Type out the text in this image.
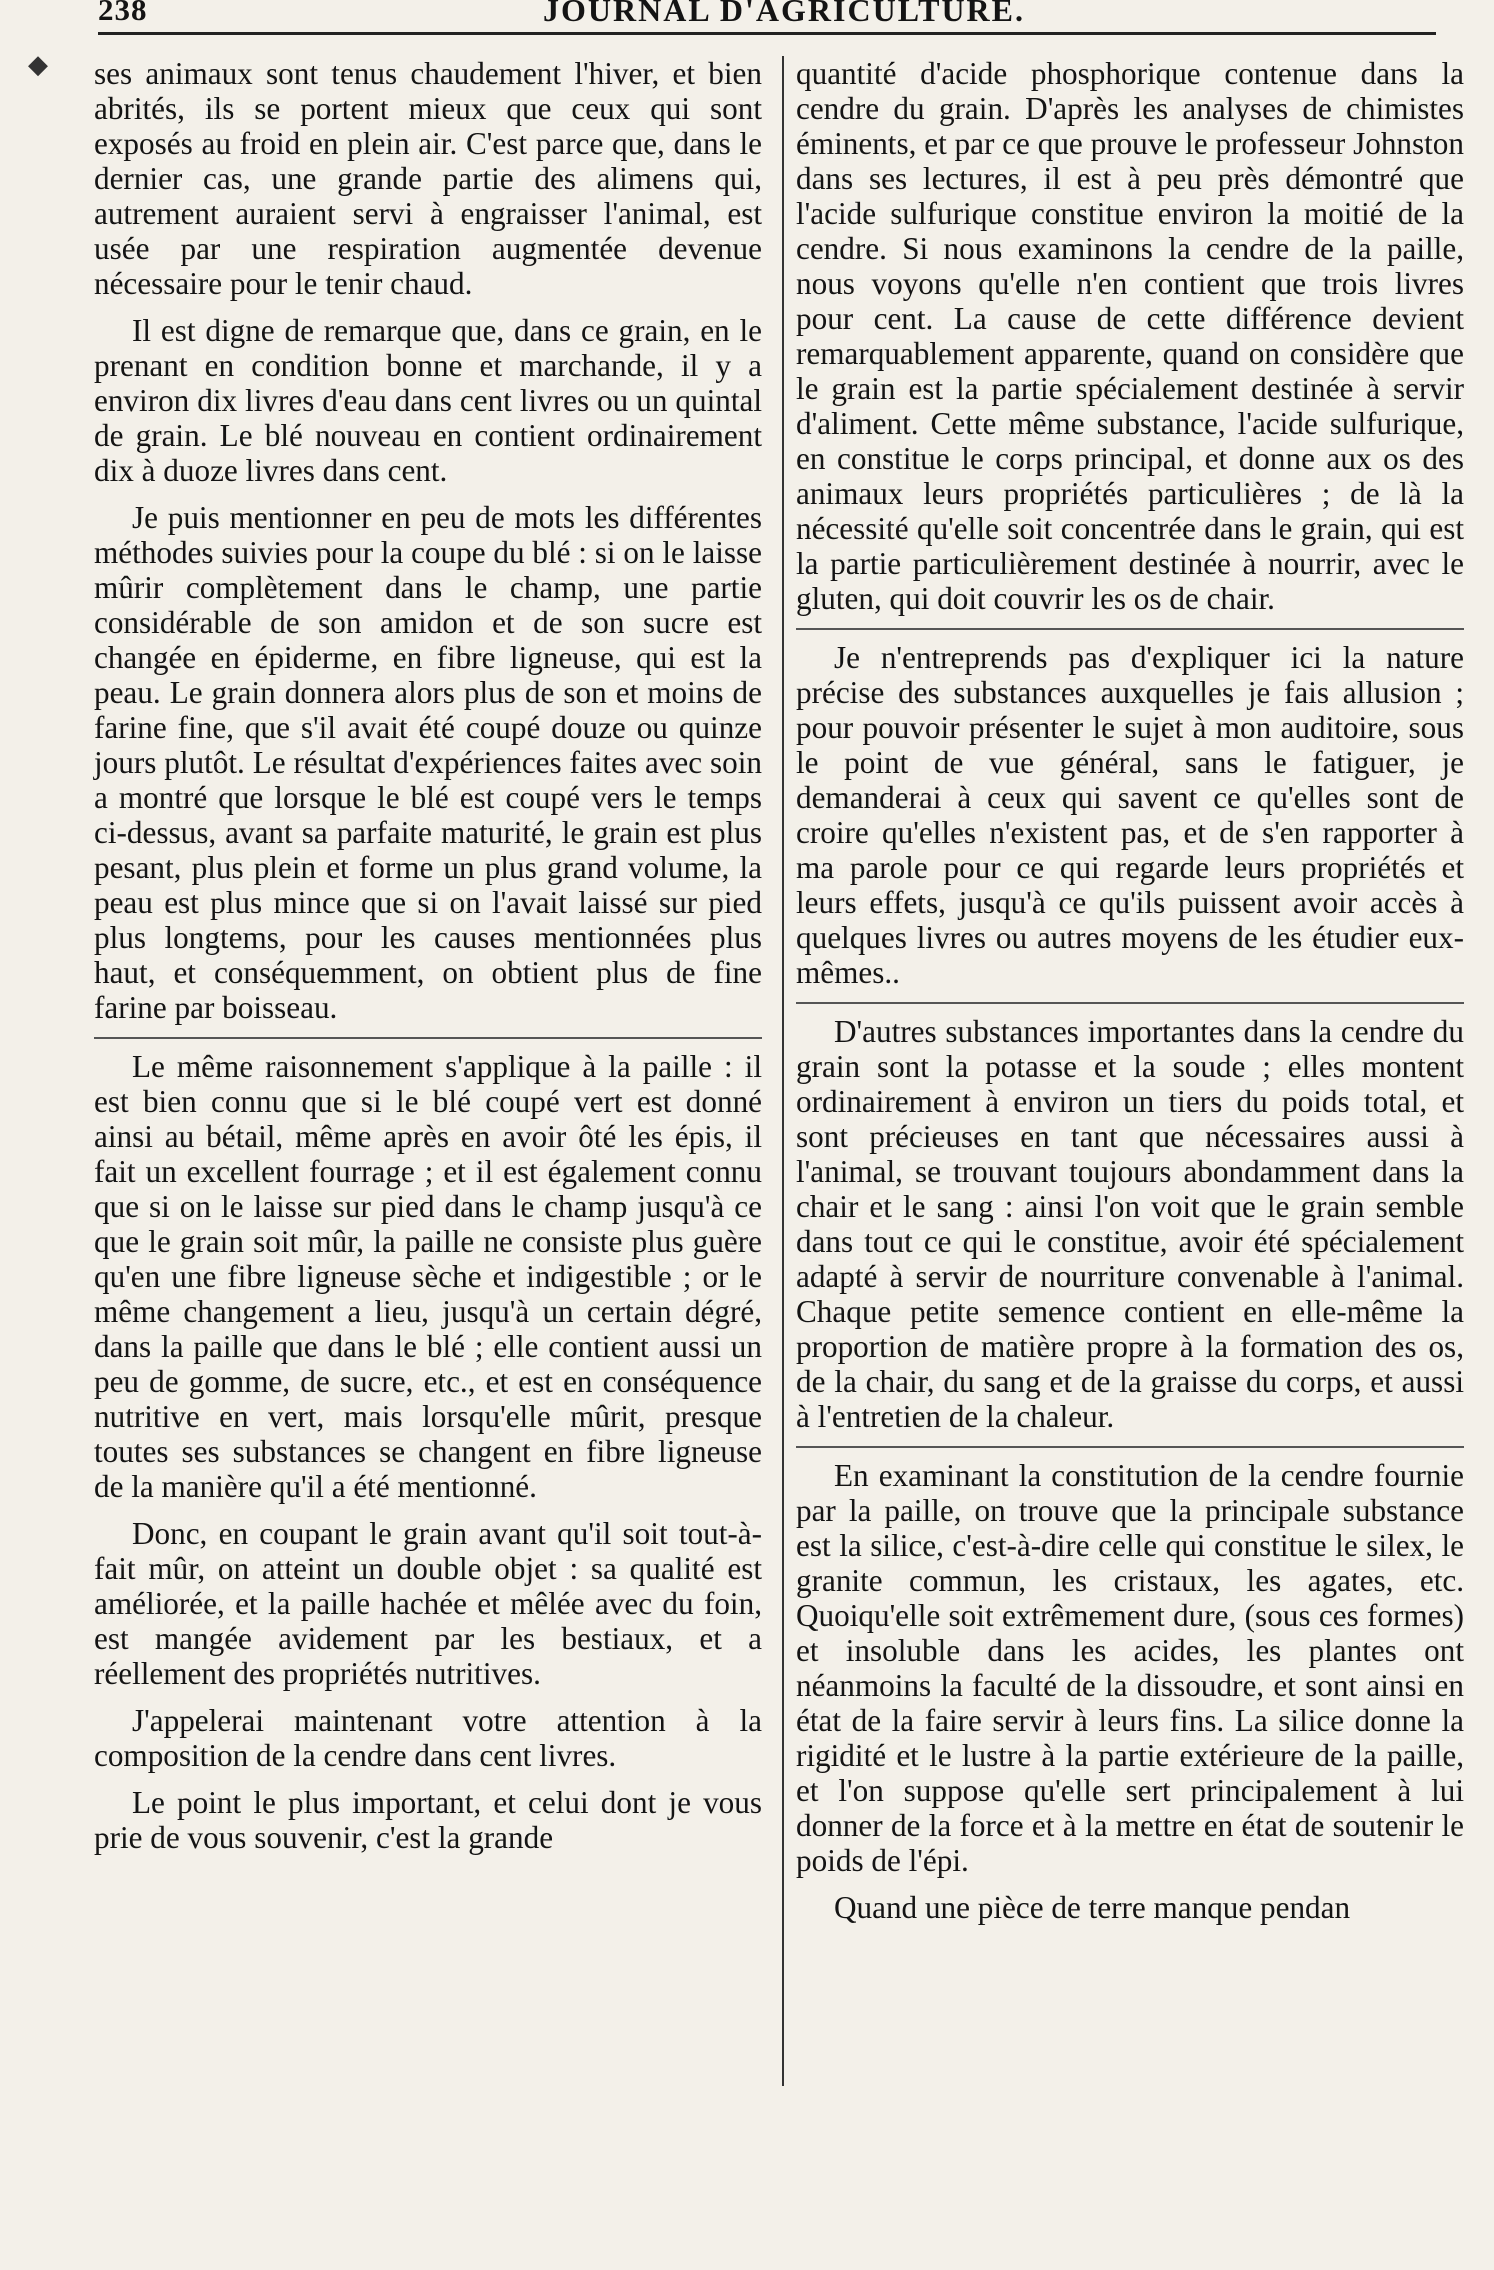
238	JOURNAL D'AGRICULTURE.
◆ ses animaux sont tenus chaudement l'hiver, et bien abrités, ils se portent mieux que ceux qui sont exposés au froid en plein air. C'est parce que, dans le dernier cas, une grande partie des alimens qui, autrement auraient servi à engraisser l'animal, est usée par une respiration augmentée devenue nécessaire pour le tenir chaud.

Il est digne de remarque que, dans ce grain, en le prenant en condition bonne et marchande, il y a environ dix livres d'eau dans cent livres ou un quintal de grain. Le blé nouveau en contient ordinairement dix à duoze livres dans cent.

Je puis mentionner en peu de mots les différentes méthodes suivies pour la coupe du blé : si on le laisse mûrir complètement dans le champ, une partie considérable de son amidon et de son sucre est changée en épiderme, en fibre ligneuse, qui est la peau. Le grain donnera alors plus de son et moins de farine fine, que s'il avait été coupé douze ou quinze jours plutôt. Le résultat d'expériences faites avec soin a montré que lorsque le blé est coupé vers le temps ci-dessus, avant sa parfaite maturité, le grain est plus pesant, plus plein et forme un plus grand volume, la peau est plus mince que si on l'avait laissé sur pied plus longtems, pour les causes mentionnées plus haut, et conséquemment, on obtient plus de fine farine par boisseau.

Le même raisonnement s'applique à la paille : il est bien connu que si le blé coupé vert est donné ainsi au bétail, même après en avoir ôté les épis, il fait un excellent fourrage ; et il est également connu que si on le laisse sur pied dans le champ jusqu'à ce que le grain soit mûr, la paille ne consiste plus guère qu'en une fibre ligneuse sèche et indigestible ; or le même changement a lieu, jusqu'à un certain dégré, dans la paille que dans le blé ; elle contient aussi un peu de gomme, de sucre, etc., et est en conséquence nutritive en vert, mais lorsqu'elle mûrit, presque toutes ses substances se changent en fibre ligneuse de la manière qu'il a été mentionné.

Donc, en coupant le grain avant qu'il soit tout-à-fait mûr, on atteint un double objet : sa qualité est améliorée, et la paille hachée et mêlée avec du foin, est mangée avidement par les bestiaux, et a réellement des propriétés nutritives.

J'appelerai maintenant votre attention à la composition de la cendre dans cent livres.

Le point le plus important, et celui dont je vous prie de vous souvenir, c'est la grande

quantité d'acide phosphorique contenue dans la cendre du grain. D'après les analyses de chimistes éminents, et par ce que prouve le professeur Johnston dans ses lectures, il est à peu près démontré que l'acide sulfurique constitue environ la moitié de la cendre. Si nous examinons la cendre de la paille, nous voyons qu'elle n'en contient que trois livres pour cent. La cause de cette différence devient remarquablement apparente, quand on considère que le grain est la partie spécialement destinée à servir d'aliment. Cette même substance, l'acide sulfurique, en constitue le corps principal, et donne aux os des animaux leurs propriétés particulières ; de là la nécessité qu'elle soit concentrée dans le grain, qui est la partie particulièrement destinée à nourrir, avec le gluten, qui doit couvrir les os de chair.

Je n'entreprends pas d'expliquer ici la nature précise des substances auxquelles je fais allusion ; pour pouvoir présenter le sujet à mon auditoire, sous le point de vue général, sans le fatiguer, je demanderai à ceux qui savent ce qu'elles sont de croire qu'elles n'existent pas, et de s'en rapporter à ma parole pour ce qui regarde leurs propriétés et leurs effets, jusqu'à ce qu'ils puissent avoir accès à quelques livres ou autres moyens de les étudier eux-mêmes..

D'autres substances importantes dans la cendre du grain sont la potasse et la soude ; elles montent ordinairement à environ un tiers du poids total, et sont précieuses en tant que nécessaires aussi à l'animal, se trouvant toujours abondamment dans la chair et le sang : ainsi l'on voit que le grain semble dans tout ce qui le constitue, avoir été spécialement adapté à servir de nourriture convenable à l'animal. Chaque petite semence contient en elle-même la proportion de matière propre à la formation des os, de la chair, du sang et de la graisse du corps, et aussi à l'entretien de la chaleur.

En examinant la constitution de la cendre fournie par la paille, on trouve que la principale substance est la silice, c'est-à-dire celle qui constitue le silex, le granite commun, les cristaux, les agates, etc. Quoiqu'elle soit extrêmement dure, (sous ces formes) et insoluble dans les acides, les plantes ont néanmoins la faculté de la dissoudre, et sont ainsi en état de la faire servir à leurs fins. La silice donne la rigidité et le lustre à la partie extérieure de la paille, et l'on suppose qu'elle sert principalement à lui donner de la force et à la mettre en état de soutenir le poids de l'épi.

Quand une pièce de terre manque pendan
